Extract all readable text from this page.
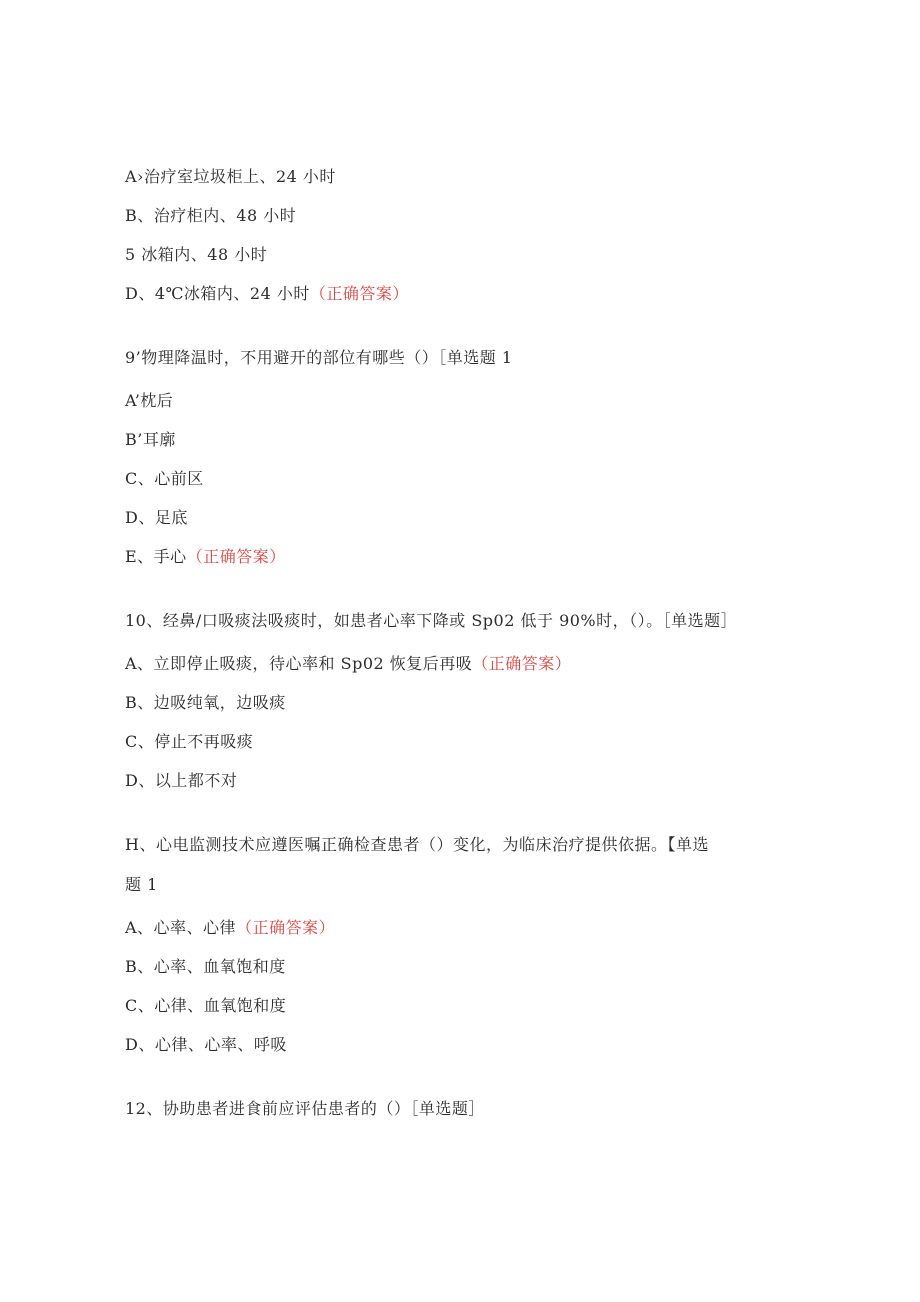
A›治疗室垃圾柜上、24 小时
B、治疗柜内、48 小时
5 冰箱内、48 小时
D、4℃冰箱内、24 小时（正确答案）
9’物理降温时，不用避开的部位有哪些（）［单选题 1
A’枕后
B’耳廓
C、心前区
D、足底
E、手心（正确答案）
10、经鼻/口吸痰法吸痰时，如患者心率下降或 Sp02 低于 90%时，（）。［单选题］
A、立即停止吸痰，待心率和 Sp02 恢复后再吸（正确答案）
B、边吸纯氧，边吸痰
C、停止不再吸痰
D、以上都不对
H、心电监测技术应遵医嘱正确检查患者（）变化，为临床治疗提供依据。【单选
题 1
A、心率、心律（正确答案）
B、心率、血氧饱和度
C、心律、血氧饱和度
D、心律、心率、呼吸
12、协助患者进食前应评估患者的（）［单选题］
